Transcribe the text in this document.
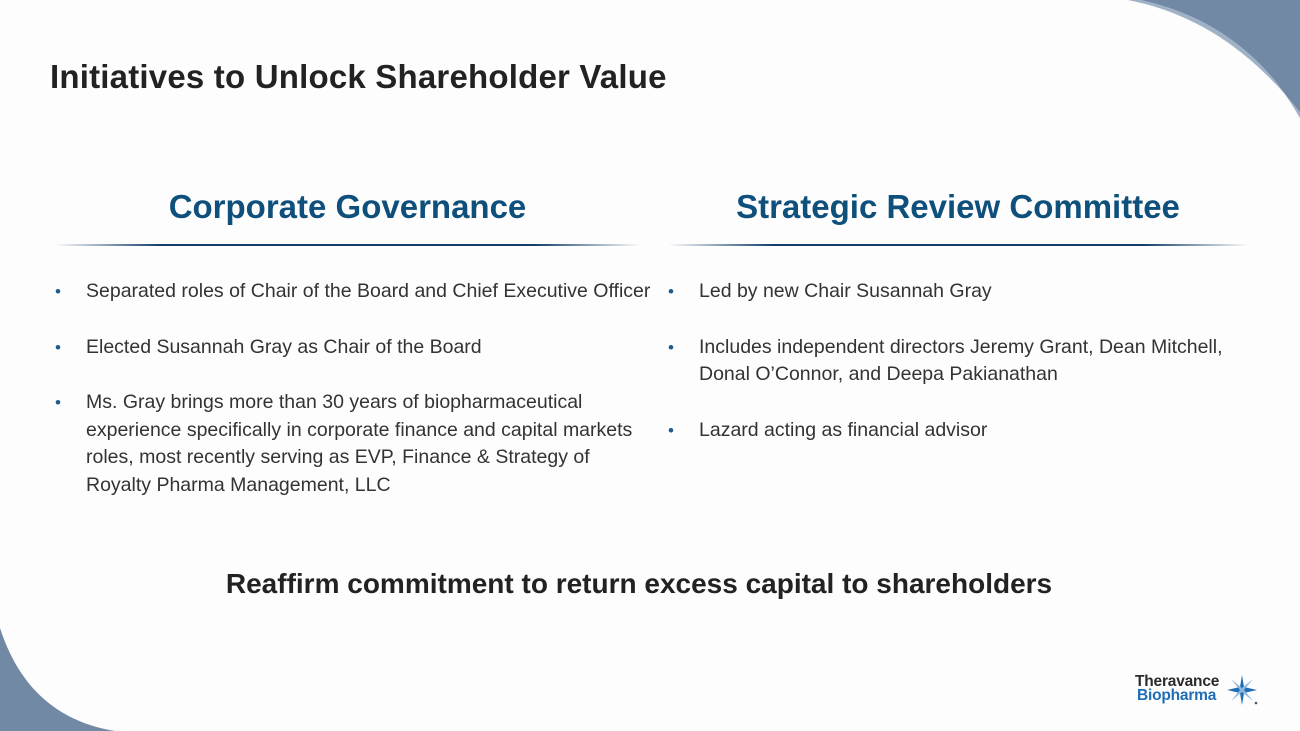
Initiatives to Unlock Shareholder Value
Corporate Governance
• Separated roles of Chair of the Board and Chief Executive Officer
• Elected Susannah Gray as Chair of the Board
• Ms. Gray brings more than 30 years of biopharmaceutical experience specifically in corporate finance and capital markets roles, most recently serving as EVP, Finance & Strategy of Royalty Pharma Management, LLC
Strategic Review Committee
• Led by new Chair Susannah Gray
• Includes independent directors Jeremy Grant, Dean Mitchell, Donal O’Connor, and Deepa Pakianathan
• Lazard acting as financial advisor

Reaffirm commitment to return excess capital to shareholders

5	Theravance
Biopharma
